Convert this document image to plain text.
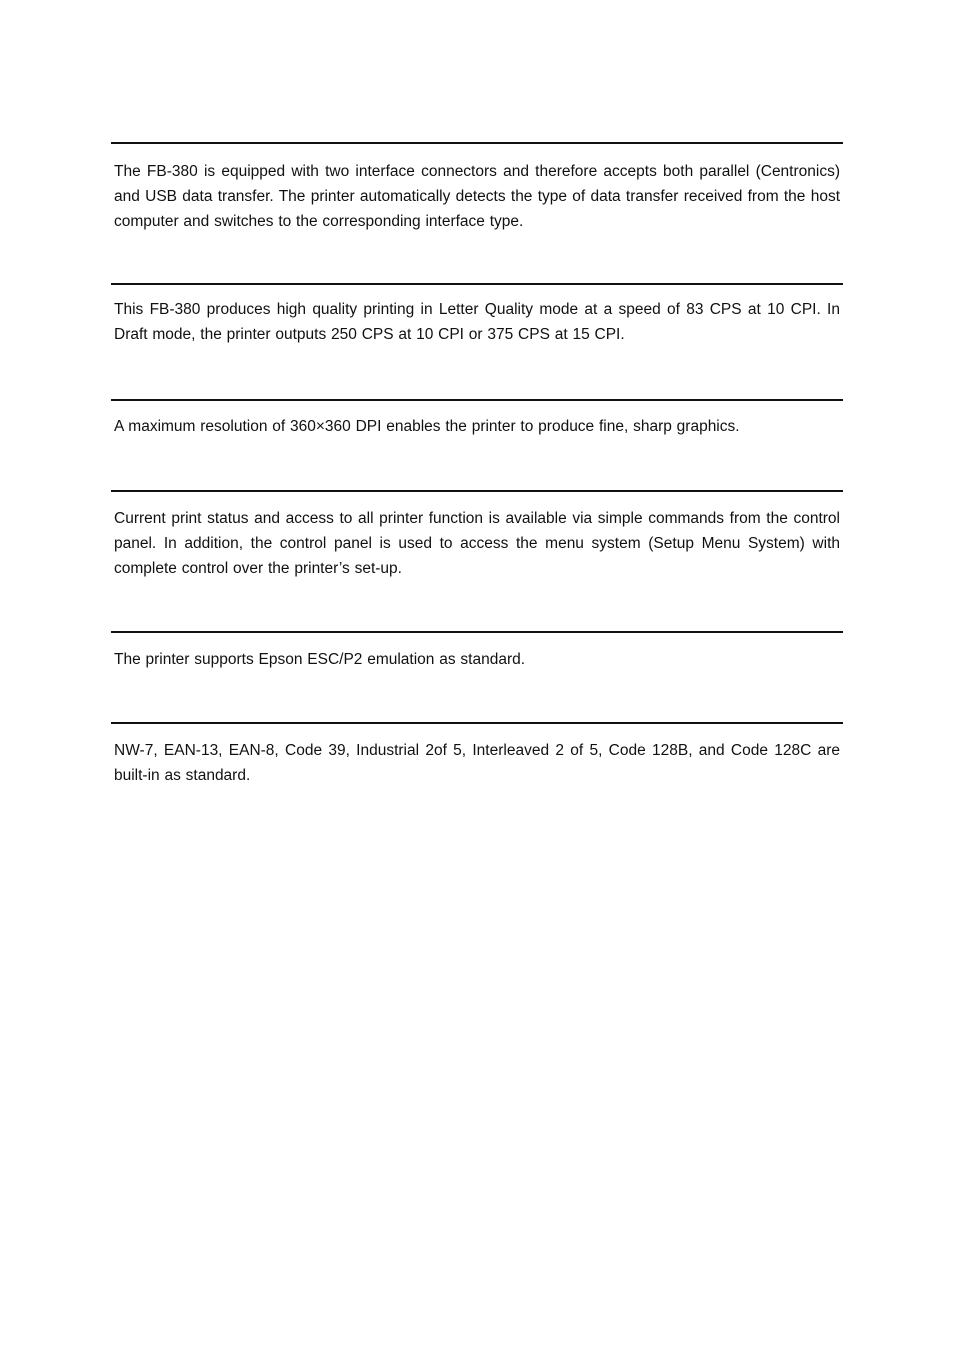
The FB-380 is equipped with two interface connectors and therefore accepts both parallel (Centronics) and USB data transfer. The printer automatically detects the type of data transfer received from the host computer and switches to the corresponding interface type.

This FB-380 produces high quality printing in Letter Quality mode at a speed of 83 CPS at 10 CPI. In Draft mode, the printer outputs 250 CPS at 10 CPI or 375 CPS at 15 CPI.

A maximum resolution of 360×360 DPI enables the printer to produce fine, sharp graphics.

Current print status and access to all printer function is available via simple commands from the control panel. In addition, the control panel is used to access the menu system (Setup Menu System) with complete control over the printer’s set-up.

The printer supports Epson ESC/P2 emulation as standard.

NW-7, EAN-13, EAN-8, Code 39, Industrial 2of 5, Interleaved 2 of 5, Code 128B, and Code 128C are built-in as standard.
